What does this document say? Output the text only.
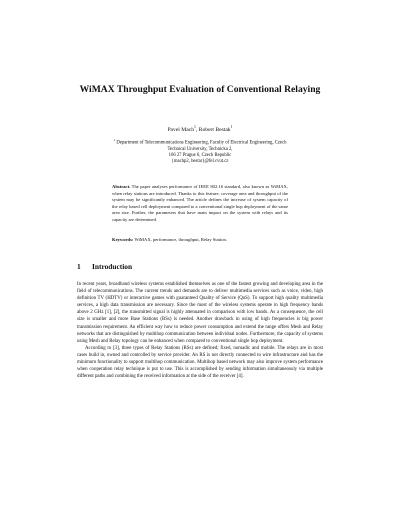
WiMAX Throughput Evaluation of Conventional Relaying
Pavel Mach$^1$, Robert Bestak$^1$
$^1$ Department of Telecommunications Engineering, Faculty of Electrical Engineering, Czech
Technical University, Technicka 2,
166 27 Prague 6, Czech Republic
{machp2, bestar}@fel.cvut.cz
Abstract. The paper analyses performance of IEEE 802.16 standard, also known as WiMAX, when relay stations are introduced. Thanks to this feature, coverage area and throughput of the system may be significantly enhanced. The article defines the increase of system capacity of the relay based cell deployment compared to a conventional single hop deployment of the same area size. Further, the parameters that have main impact on the system with relays and its capacity are determined.
Keywords: WiMAX, performance, throughput, Relay Station.
1 Introduction

In recent years, broadband wireless systems established themselves as one of the fastest growing and developing area in the field of telecommunications. The current trends and demands are to deliver multimedia services such as voice, video, high definition TV (HDTV) or interactive games with guaranteed Quality of Service (QoS). To support high quality multimedia services, a high data transmission are necessary. Since the most of the wireless systems operate in high frequency bands above 2 GHz [1], [2], the transmitted signal is highly attenuated in comparison with low bands. As a consequence, the cell size is smaller and more Base Stations (BSs) is needed. Another drawback in using of high frequencies is big power transmission requirement. An efficient way how to reduce power consumption and extend the range offers Mesh and Relay networks that are distinguished by multihop communication between individual nodes. Furthermore, the capacity of systems using Mesh and Relay topology can be enhanced when compared to conventional single hop deployment.

According to [3], three types of Relay Stations (RSs) are defined; fixed, nomadic and mobile. The relays are in most cases build in, owned and controlled by service provider. An RS is not directly connected to wire infrastructure and has the minimum functionality to support multihop communication. Multihop based network may also improve system performance when cooperation relay technique is put to use. This is accomplished by sending information simultaneously via multiple different paths and combining the received information at the side of the receiver [4].
